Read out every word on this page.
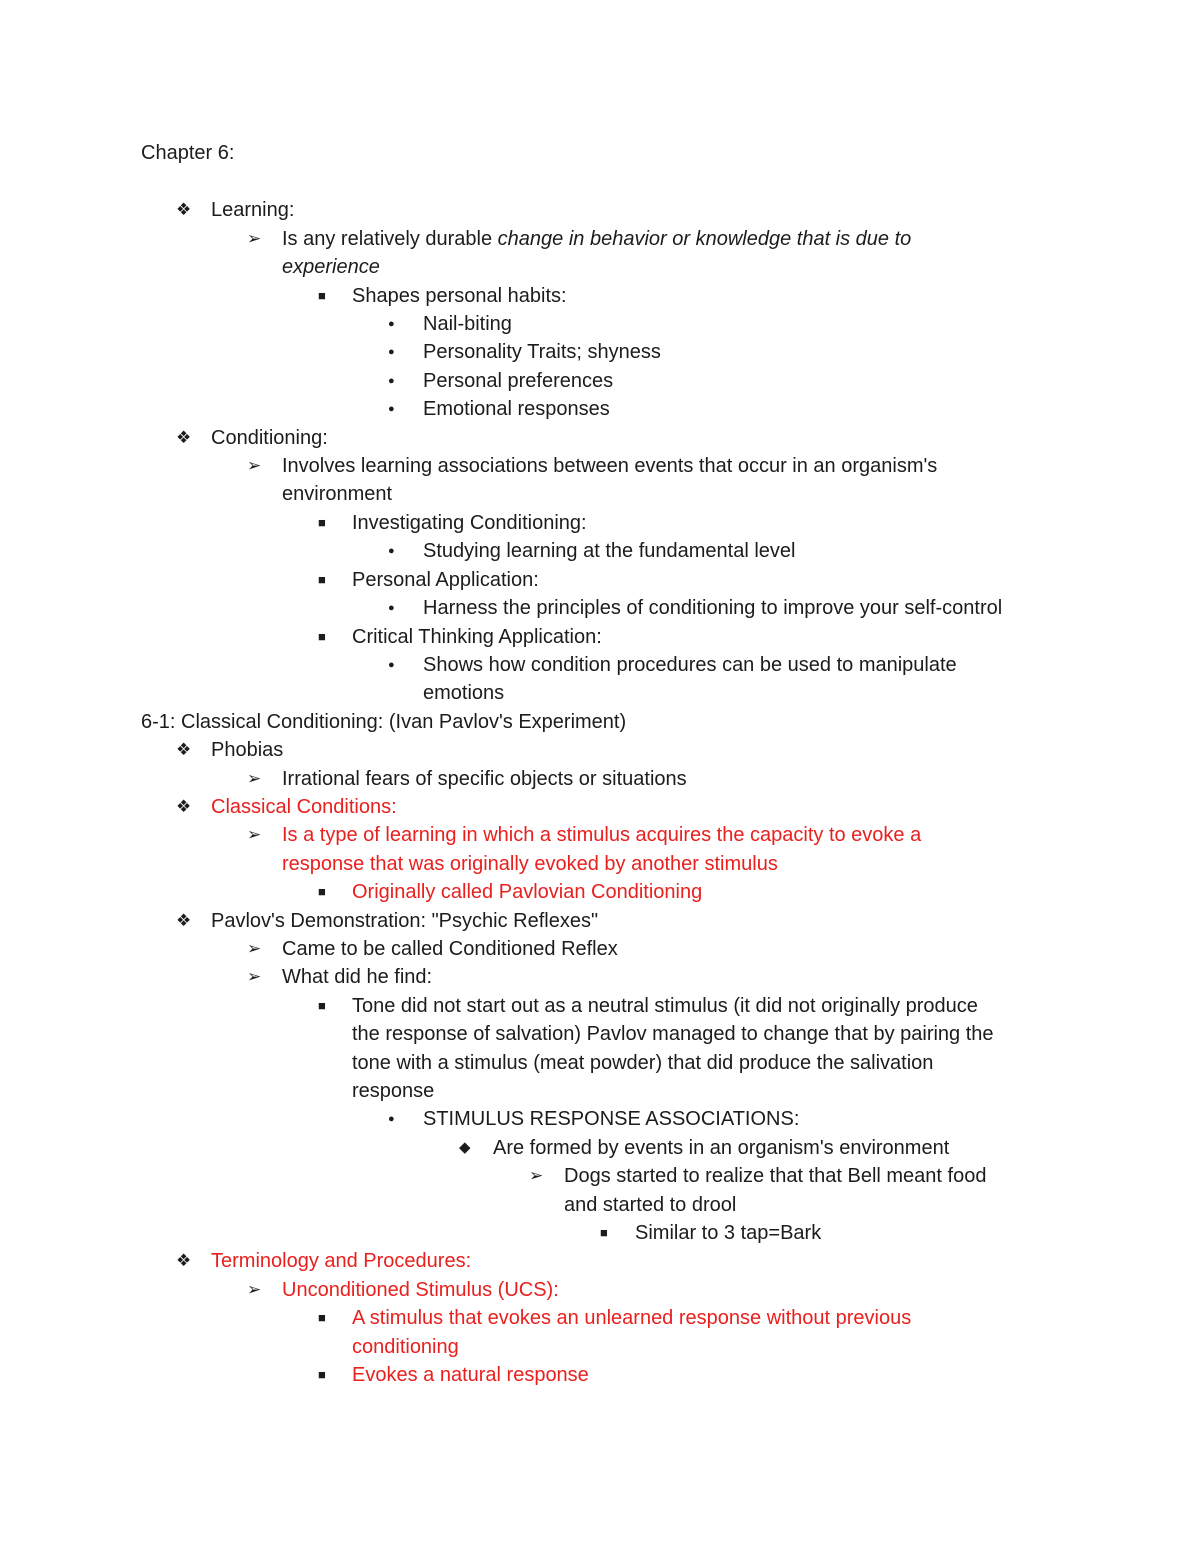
Chapter 6:
❖ Learning:
➢ Is any relatively durable change in behavior or knowledge that is due to
experience
■ Shapes personal habits:
● Nail-biting
● Personality Traits; shyness
● Personal preferences
● Emotional responses
❖ Conditioning:
➢ Involves learning associations between events that occur in an organism's
environment
■ Investigating Conditioning:
● Studying learning at the fundamental level
■ Personal Application:
● Harness the principles of conditioning to improve your self-control
■ Critical Thinking Application:
● Shows how condition procedures can be used to manipulate
emotions
6-1: Classical Conditioning: (Ivan Pavlov's Experiment)
❖ Phobias
➢ Irrational fears of specific objects or situations
❖ Classical Conditions:
➢ Is a type of learning in which a stimulus acquires the capacity to evoke a
response that was originally evoked by another stimulus
■ Originally called Pavlovian Conditioning
❖ Pavlov's Demonstration: "Psychic Reflexes"
➢ Came to be called Conditioned Reflex
➢ What did he find:
■ Tone did not start out as a neutral stimulus (it did not originally produce
the response of salvation) Pavlov managed to change that by pairing the
tone with a stimulus (meat powder) that did produce the salivation
response
● STIMULUS RESPONSE ASSOCIATIONS:
◆ Are formed by events in an organism's environment
➢ Dogs started to realize that that Bell meant food
and started to drool
■ Similar to 3 tap=Bark
❖ Terminology and Procedures:
➢ Unconditioned Stimulus (UCS):
■ A stimulus that evokes an unlearned response without previous
conditioning
■ Evokes a natural response
